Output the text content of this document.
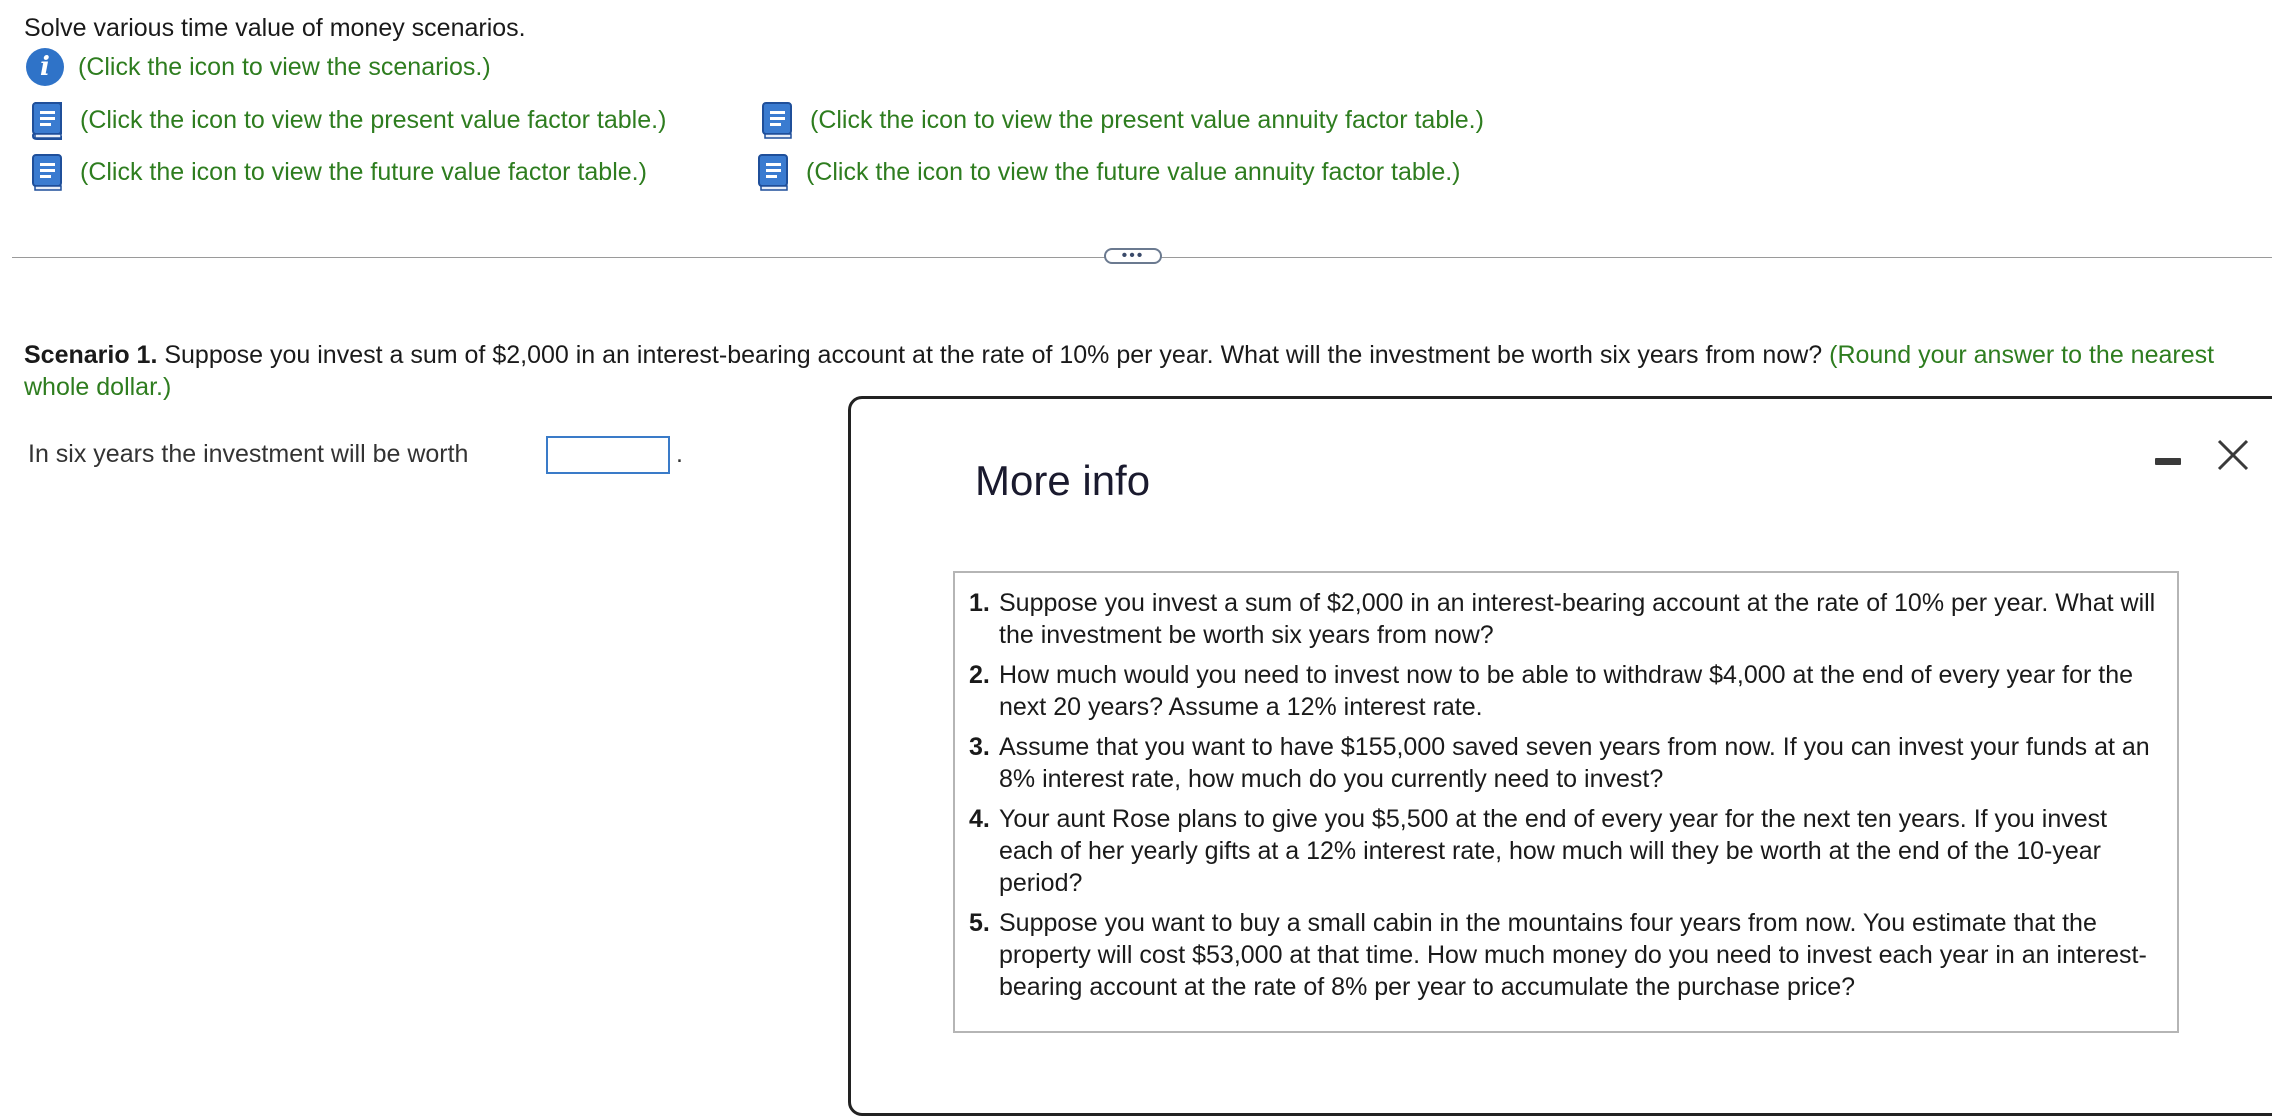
Solve various time value of money scenarios.
i	(Click the icon to view the scenarios.)
(Click the icon to view the present value factor table.)	(Click the icon to view the present value annuity factor table.)
(Click the icon to view the future value factor table.)	(Click the icon to view the future value annuity factor table.)
•••
Scenario 1. Suppose you invest a sum of $2,000 in an interest-bearing account at the rate of 10% per year. What will the investment be worth six years from now? (Round your answer to the nearest whole dollar.)
In six years the investment will be worth	.
More info
1. Suppose you invest a sum of $2,000 in an interest-bearing account at the rate of 10% per year. What will the investment be worth six years from now?
2. How much would you need to invest now to be able to withdraw $4,000 at the end of every year for the next 20 years? Assume a 12% interest rate.
3. Assume that you want to have $155,000 saved seven years from now. If you can invest your funds at an 8% interest rate, how much do you currently need to invest?
4. Your aunt Rose plans to give you $5,500 at the end of every year for the next ten years. If you invest each of her yearly gifts at a 12% interest rate, how much will they be worth at the end of the 10-year period?
5. Suppose you want to buy a small cabin in the mountains four years from now. You estimate that the property will cost $53,000 at that time. How much money do you need to invest each year in an interest-bearing account at the rate of 8% per year to accumulate the purchase price?
